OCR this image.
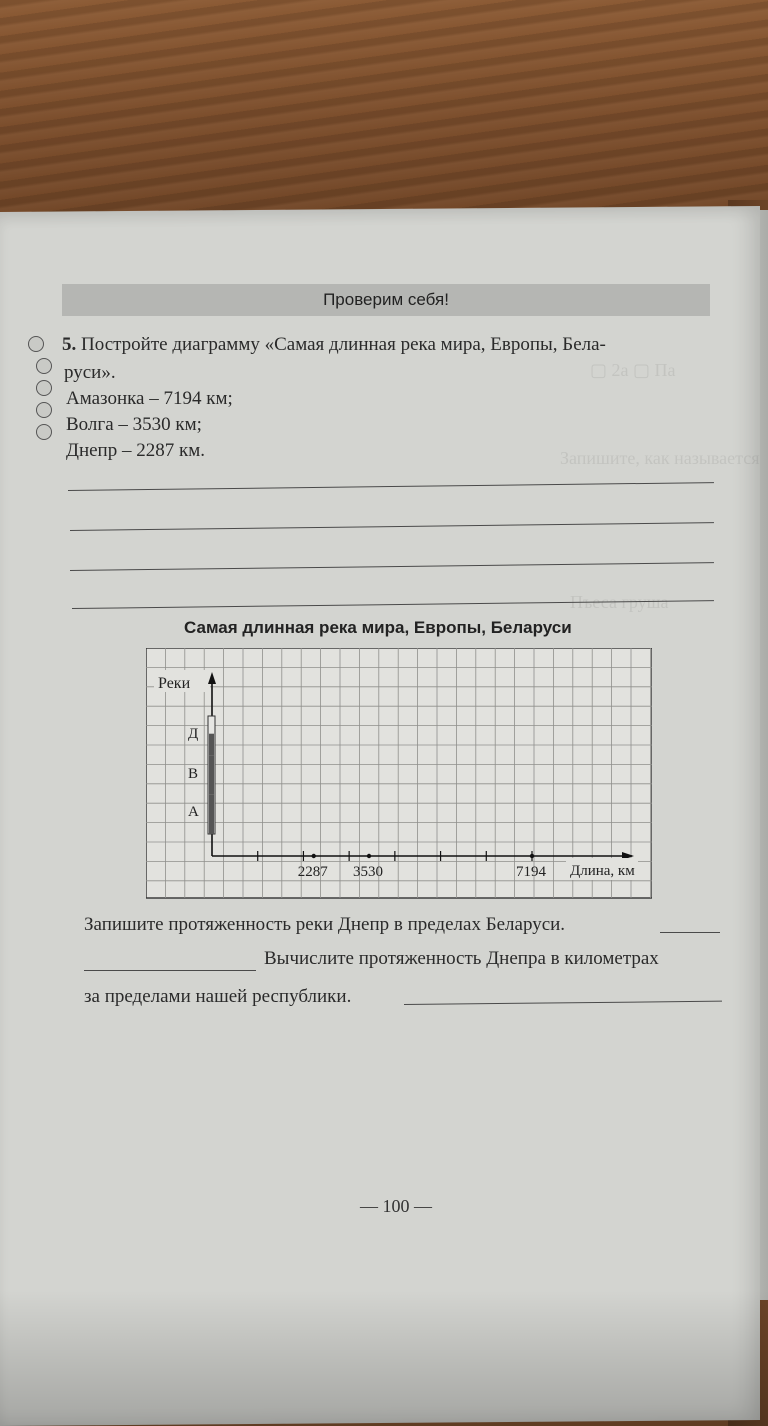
▢ 2a ▢ Па
Запишите, как называется
Пъеса груша
Проверим себя!
5. Постройте диаграмму «Самая длинная река мира, Европы, Бела-
руси».
Амазонка – 7194 км;
Волга – 3530 км;
Днепр – 2287 км.
Самая длинная река мира, Европы, Беларуси
Реки
Д
В
А
2287 3530	7194 Длина, км
Запишите протяженность реки Днепр в пределах Беларуси.
Вычислите протяженность Днепра в километрах
за пределами нашей республики.
— 100 —
